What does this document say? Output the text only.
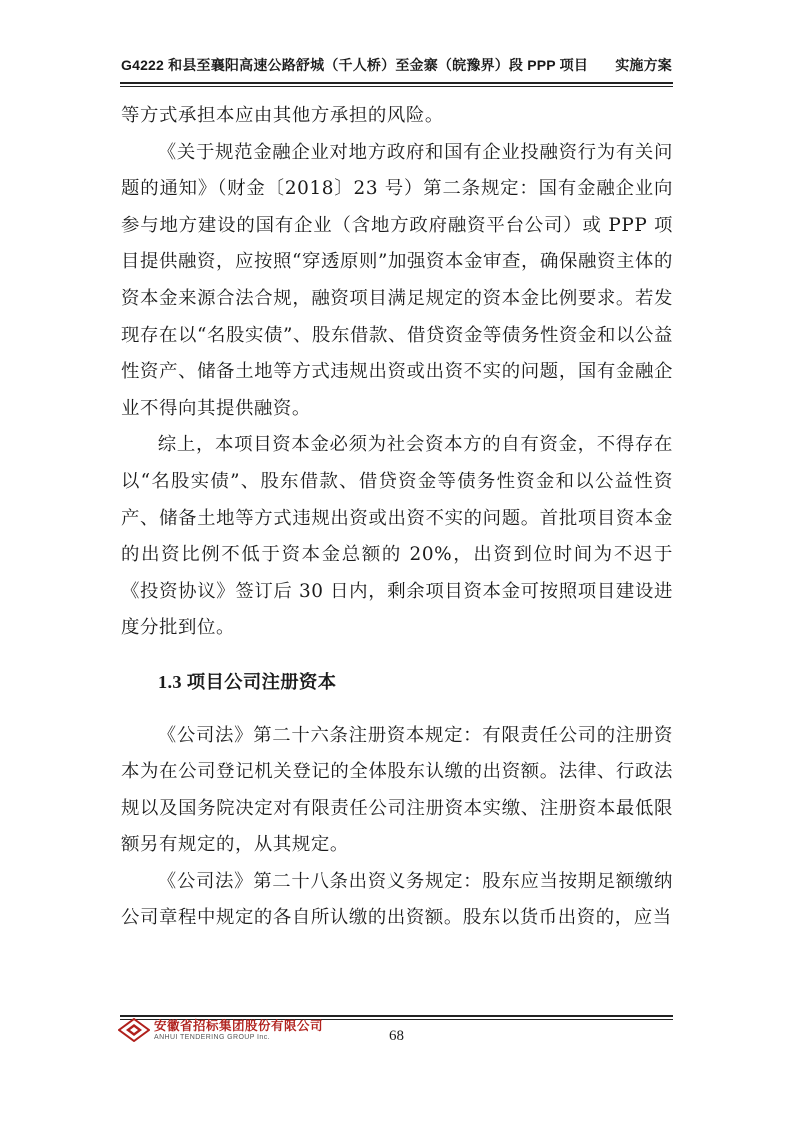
G4222 和县至襄阳高速公路舒城（千人桥）至金寨（皖豫界）段 PPP 项目 实施方案

等方式承担本应由其他方承担的风险。

《关于规范金融企业对地方政府和国有企业投融资行为有关问题的通知》（财金〔2018〕23 号）第二条规定：国有金融企业向参与地方建设的国有企业（含地方政府融资平台公司）或 PPP 项目提供融资，应按照“穿透原则”加强资本金审查，确保融资主体的资本金来源合法合规，融资项目满足规定的资本金比例要求。若发现存在以“名股实债”、股东借款、借贷资金等债务性资金和以公益性资产、储备土地等方式违规出资或出资不实的问题，国有金融企业不得向其提供融资。

综上，本项目资本金必须为社会资本方的自有资金，不得存在以“名股实债”、股东借款、借贷资金等债务性资金和以公益性资产、储备土地等方式违规出资或出资不实的问题。首批项目资本金的出资比例不低于资本金总额的 20%，出资到位时间为不迟于《投资协议》签订后 30 日内，剩余项目资本金可按照项目建设进度分批到位。

1.3 项目公司注册资本

《公司法》第二十六条注册资本规定：有限责任公司的注册资本为在公司登记机关登记的全体股东认缴的出资额。法律、行政法规以及国务院决定对有限责任公司注册资本实缴、注册资本最低限额另有规定的，从其规定。

《公司法》第二十八条出资义务规定：股东应当按期足额缴纳公司章程中规定的各自所认缴的出资额。股东以货币出资的，应当

安徽省招标集团股份有限公司
ANHUI TENDERING GROUP Inc.	68
